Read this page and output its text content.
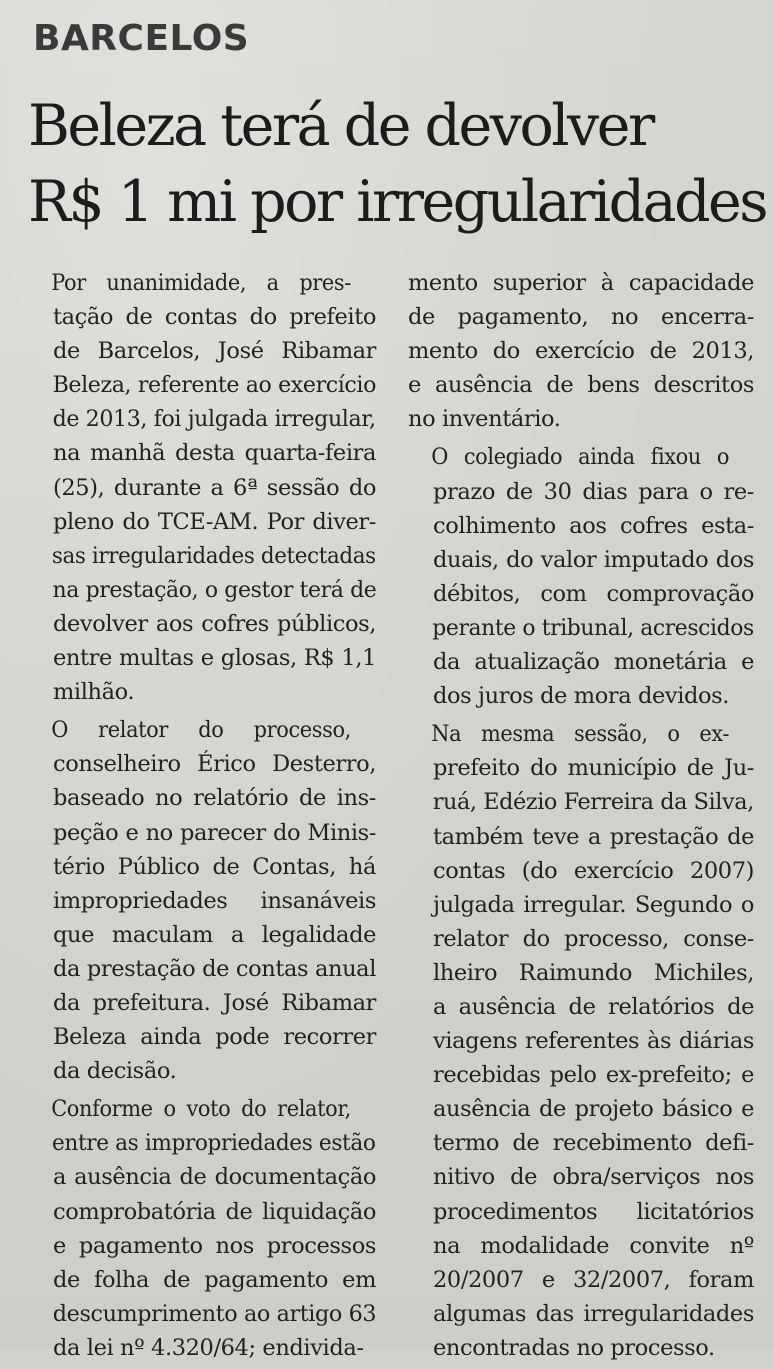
BARCELOS
Beleza terá de devolver
R$ 1 mi por irregularidades

Por unanimidade, a pres-
tação de contas do prefeito
de Barcelos, José Ribamar
Beleza, referente ao exercício
de 2013, foi julgada irregular,
na manhã desta quarta-feira
(25), durante a 6ª sessão do
pleno do TCE-AM. Por diver-
sas irregularidades detectadas
na prestação, o gestor terá de
devolver aos cofres públicos,
entre multas e glosas, R$ 1,1
milhão.

O relator do processo,
conselheiro Érico Desterro,
baseado no relatório de ins-
peção e no parecer do Minis-
tério Público de Contas, há
impropriedades insanáveis
que maculam a legalidade
da prestação de contas anual
da prefeitura. José Ribamar
Beleza ainda pode recorrer
da decisão.

Conforme o voto do relator,
entre as impropriedades estão
a ausência de documentação
comprobatória de liquidação
e pagamento nos processos
de folha de pagamento em
descumprimento ao artigo 63
da lei nº 4.320/64; endivida-

mento superior à capacidade
de pagamento, no encerra-
mento do exercício de 2013,
e ausência de bens descritos
no inventário.

O colegiado ainda fixou o
prazo de 30 dias para o re-
colhimento aos cofres esta-
duais, do valor imputado dos
débitos, com comprovação
perante o tribunal, acrescidos
da atualização monetária e
dos juros de mora devidos.

Na mesma sessão, o ex-
prefeito do município de Ju-
ruá, Edézio Ferreira da Silva,
também teve a prestação de
contas (do exercício 2007)
julgada irregular. Segundo o
relator do processo, conse-
lheiro Raimundo Michiles,
a ausência de relatórios de
viagens referentes às diárias
recebidas pelo ex-prefeito; e
ausência de projeto básico e
termo de recebimento defi-
nitivo de obra/serviços nos
procedimentos licitatórios
na modalidade convite nº
20/2007 e 32/2007, foram
algumas das irregularidades
encontradas no processo.
